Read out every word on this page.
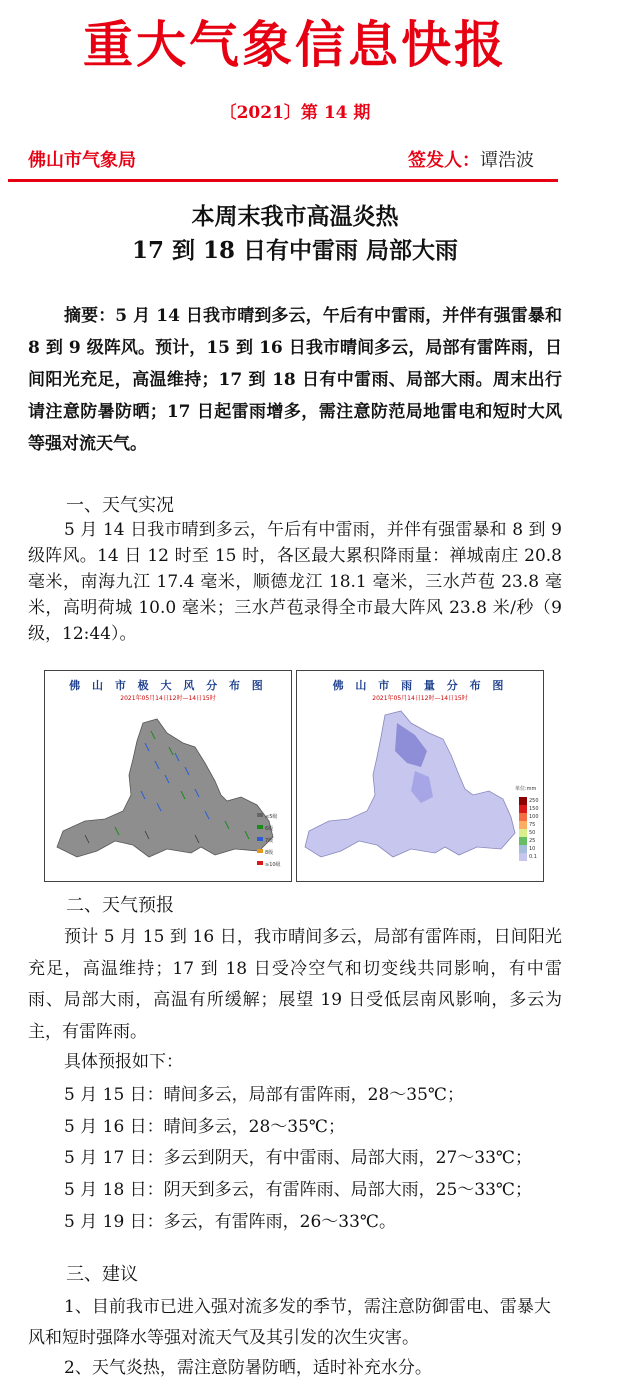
重大气象信息快报
〔2021〕第 14 期
佛山市气象局	签发人：谭浩波
本周末我市高温炎热
17 到 18 日有中雷雨 局部大雨
摘要：5 月 14 日我市晴到多云，午后有中雷雨，并伴有强雷暴和 8 到 9 级阵风。预计，15 到 16 日我市晴间多云，局部有雷阵雨，日间阳光充足，高温维持；17 到 18 日有中雷雨、局部大雨。周末出行请注意防暑防晒；17 日起雷雨增多，需注意防范局地雷电和短时大风等强对流天气。
一、天气实况
5 月 14 日我市晴到多云，午后有中雷雨，并伴有强雷暴和 8 到 9 级阵风。14 日 12 时至 15 时，各区最大累积降雨量：禅城南庄 20.8 毫米，南海九江 17.4 毫米，顺德龙江 18.1 毫米，三水芦苞 23.8 毫米，高明荷城 10.0 毫米；三水芦苞录得全市最大阵风 23.8 米/秒（9 级，12:44）。
佛 山 市 极 大 风 分 布 图
2021年05月14日12时—14日15时
≤5级
6级
7级
8级
≥10级
佛 山 市 雨 量 分 布 图
2021年05月14日12时—14日15时
单位:mm
250
150
100
75
50
25
10
0.1
二、天气预报
预计 5 月 15 到 16 日，我市晴间多云，局部有雷阵雨，日间阳光充足，高温维持；17 到 18 日受冷空气和切变线共同影响，有中雷雨、局部大雨，高温有所缓解；展望 19 日受低层南风影响，多云为主，有雷阵雨。
具体预报如下：
5 月 15 日：晴间多云，局部有雷阵雨，28～35℃；
5 月 16 日：晴间多云，28～35℃；
5 月 17 日：多云到阴天，有中雷雨、局部大雨，27～33℃；
5 月 18 日：阴天到多云，有雷阵雨、局部大雨，25～33℃；
5 月 19 日：多云，有雷阵雨，26～33℃。
三、建议
1、目前我市已进入强对流多发的季节，需注意防御雷电、雷暴大风和短时强降水等强对流天气及其引发的次生灾害。
2、天气炎热，需注意防暑防晒，适时补充水分。
